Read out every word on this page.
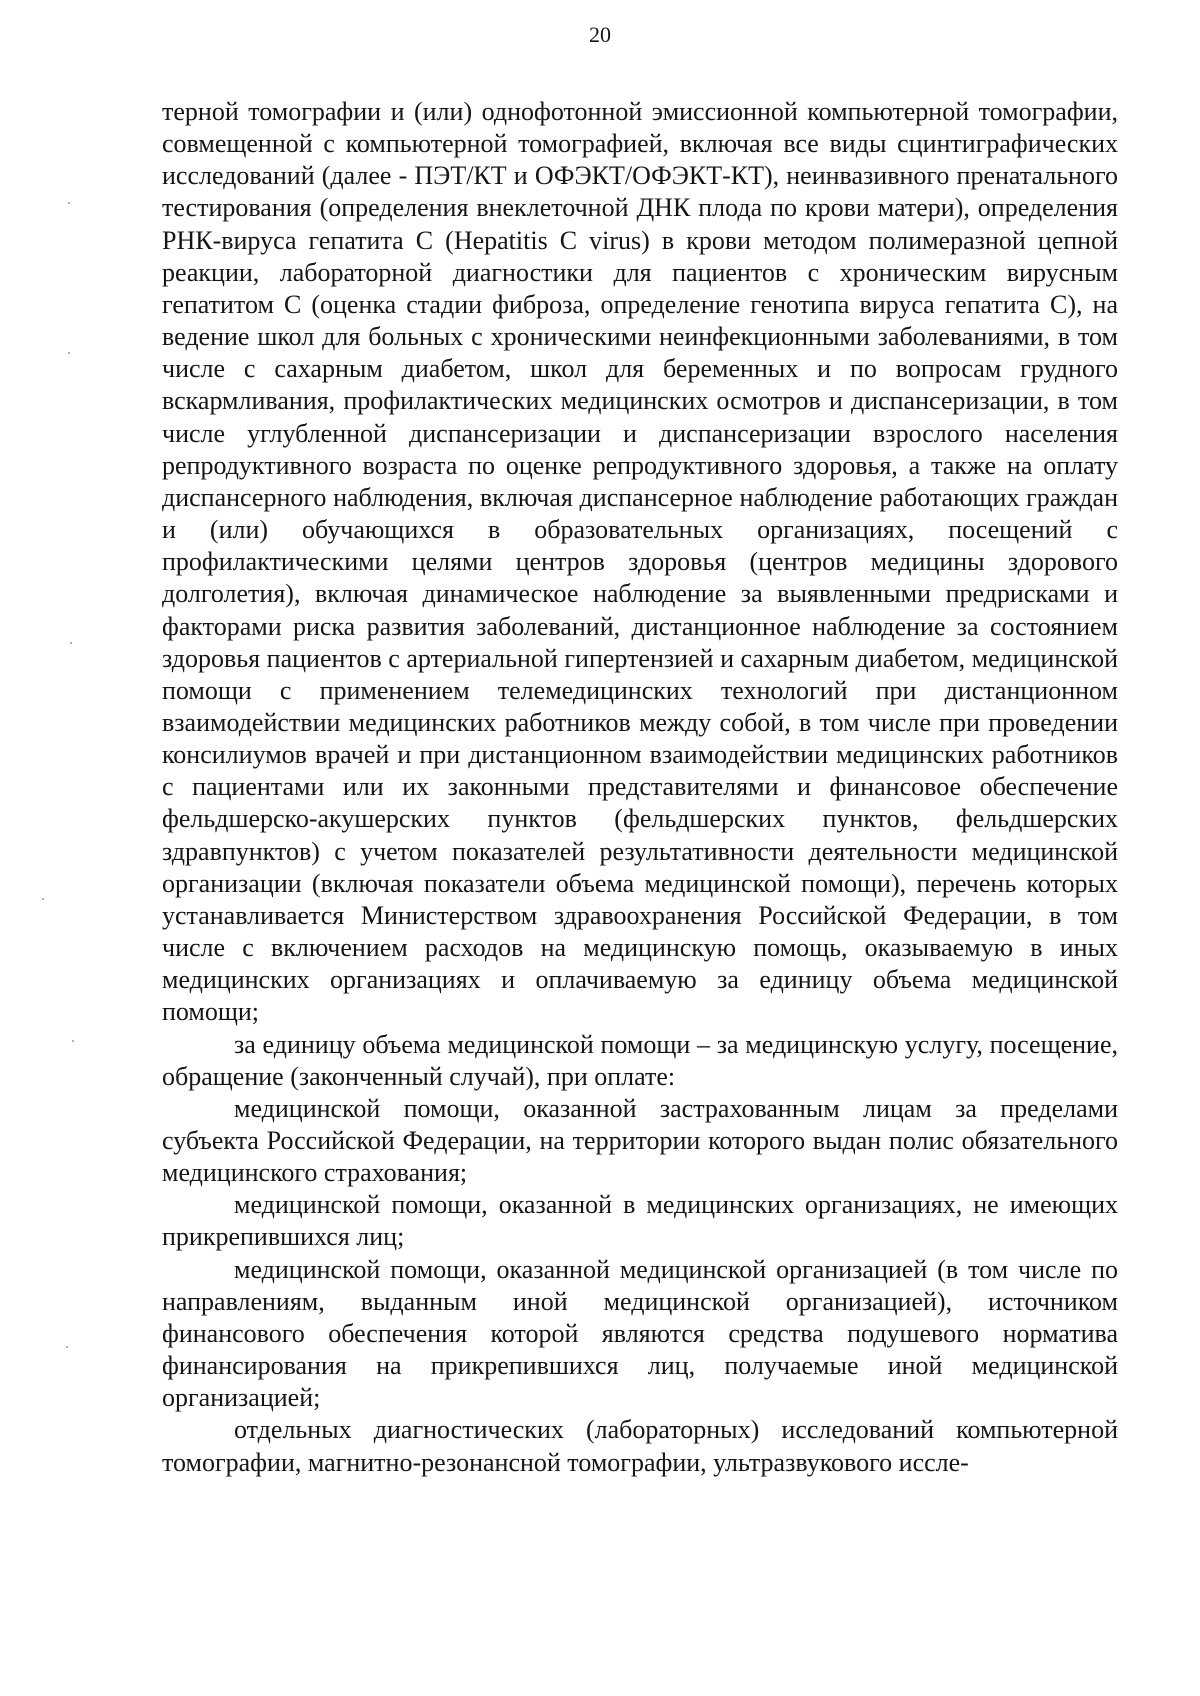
20

терной томографии и (или) однофотонной эмиссионной компьютерной томографии, совмещенной с компьютерной томографией, включая все виды сцинтиграфических исследований (далее - ПЭТ/КТ и ОФЭКТ/ОФЭКТ-КТ), неинвазивного пренатального тестирования (определения внеклеточной ДНК плода по крови матери), определения РНК-вируса гепатита С (Hepatitis С virus) в крови методом полимеразной цепной реакции, лабораторной диагностики для пациентов с хроническим вирусным гепатитом С (оценка стадии фиброза, определение генотипа вируса гепатита С), на ведение школ для больных с хроническими неинфекционными заболеваниями, в том числе с сахарным диабетом, школ для беременных и по вопросам грудного вскармливания, профилактических медицинских осмотров и диспансеризации, в том числе углубленной диспансеризации и диспансеризации взрослого населения репродуктивного возраста по оценке репродуктивного здоровья, а также на оплату диспансерного наблюдения, включая диспансерное наблюдение работающих граждан и (или) обучающихся в образовательных организациях, посещений с профилактическими целями центров здоровья (центров медицины здорового долголетия), включая динамическое наблюдение за выявленными предрисками и факторами риска развития заболеваний, дистанционное наблюдение за состоянием здоровья пациентов с артериальной гипертензией и сахарным диабетом, медицинской помощи с применением телемедицинских технологий при дистанционном взаимодействии медицинских работников между собой, в том числе при проведении консилиумов врачей и при дистанционном взаимодействии медицинских работников с пациентами или их законными представителями и финансовое обеспечение фельдшерско-акушерских пунктов (фельдшерских пунктов, фельдшерских здравпунктов) с учетом показателей результативности деятельности медицинской организации (включая показатели объема медицинской помощи), перечень которых устанавливается Министерством здравоохранения Российской Федерации, в том числе с включением расходов на медицинскую помощь, оказываемую в иных медицинских организациях и оплачиваемую за единицу объема медицинской помощи;

за единицу объема медицинской помощи – за медицинскую услугу, посещение, обращение (законченный случай), при оплате:

медицинской помощи, оказанной застрахованным лицам за пределами субъекта Российской Федерации, на территории которого выдан полис обязательного медицинского страхования;

медицинской помощи, оказанной в медицинских организациях, не имеющих прикрепившихся лиц;

медицинской помощи, оказанной медицинской организацией (в том числе по направлениям, выданным иной медицинской организацией), источником финансового обеспечения которой являются средства подушевого норматива финансирования на прикрепившихся лиц, получаемые иной медицинской организацией;

отдельных диагностических (лабораторных) исследований компьютерной томографии, магнитно-резонансной томографии, ультразвукового иссле-
